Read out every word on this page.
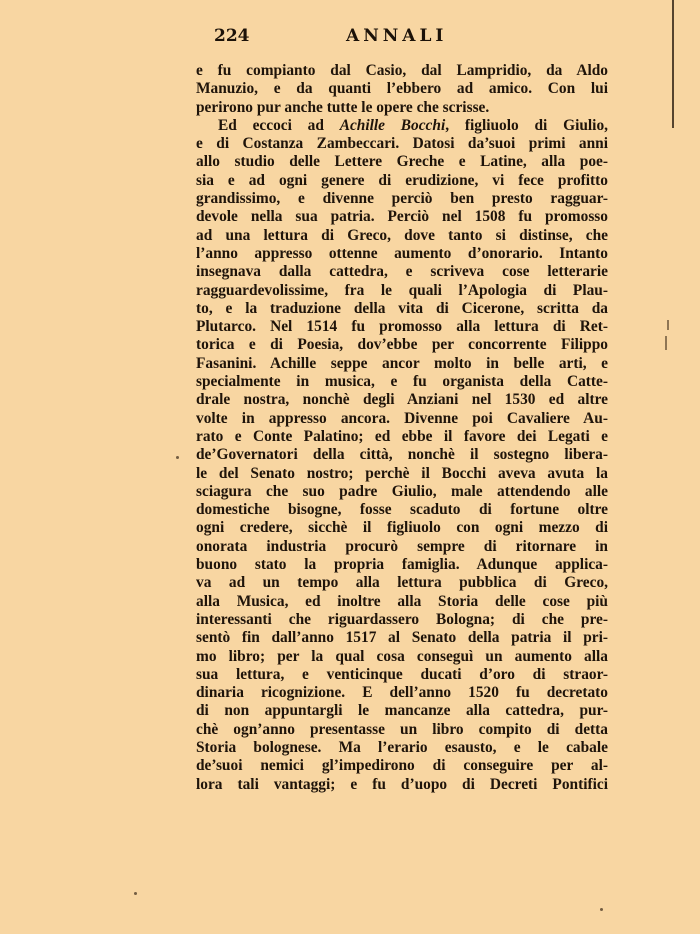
224	ANNALI
e fu compianto dal Casio, dal Lampridio, da Aldo
Manuzio, e da quanti l’ebbero ad amico. Con lui
perirono pur anche tutte le opere che scrisse.
Ed eccoci ad Achille Bocchi, figliuolo di Giulio,
e di Costanza Zambeccari. Datosi da’suoi primi anni
allo studio delle Lettere Greche e Latine, alla poe-
sia e ad ogni genere di erudizione, vi fece profitto
grandissimo, e divenne perciò ben presto ragguar-
devole nella sua patria. Perciò nel 1508 fu promosso
ad una lettura di Greco, dove tanto si distinse, che
l’anno appresso ottenne aumento d’onorario. Intanto
insegnava dalla cattedra, e scriveva cose letterarie
ragguardevolissime, fra le quali l’Apologia di Plau-
to, e la traduzione della vita di Cicerone, scritta da
Plutarco. Nel 1514 fu promosso alla lettura di Ret-
torica e di Poesia, dov’ebbe per concorrente Filippo
Fasanini. Achille seppe ancor molto in belle arti, e
specialmente in musica, e fu organista della Catte-
drale nostra, nonchè degli Anziani nel 1530 ed altre
volte in appresso ancora. Divenne poi Cavaliere Au-
rato e Conte Palatino; ed ebbe il favore dei Legati e
de’Governatori della città, nonchè il sostegno libera-
le del Senato nostro; perchè il Bocchi aveva avuta la
sciagura che suo padre Giulio, male attendendo alle
domestiche bisogne, fosse scaduto di fortune oltre
ogni credere, sicchè il figliuolo con ogni mezzo di
onorata industria procurò sempre di ritornare in
buono stato la propria famiglia. Adunque applica-
va ad un tempo alla lettura pubblica di Greco,
alla Musica, ed inoltre alla Storia delle cose più
interessanti che riguardassero Bologna; di che pre-
sentò fin dall’anno 1517 al Senato della patria il pri-
mo libro; per la qual cosa conseguì un aumento alla
sua lettura, e venticinque ducati d’oro di straor-
dinaria ricognizione. E dell’anno 1520 fu decretato
di non appuntargli le mancanze alla cattedra, pur-
chè ogn’anno presentasse un libro compito di detta
Storia bolognese. Ma l’erario esausto, e le cabale
de’suoi nemici gl’impedirono di conseguire per al-
lora tali vantaggi; e fu d’uopo di Decreti Pontifici
